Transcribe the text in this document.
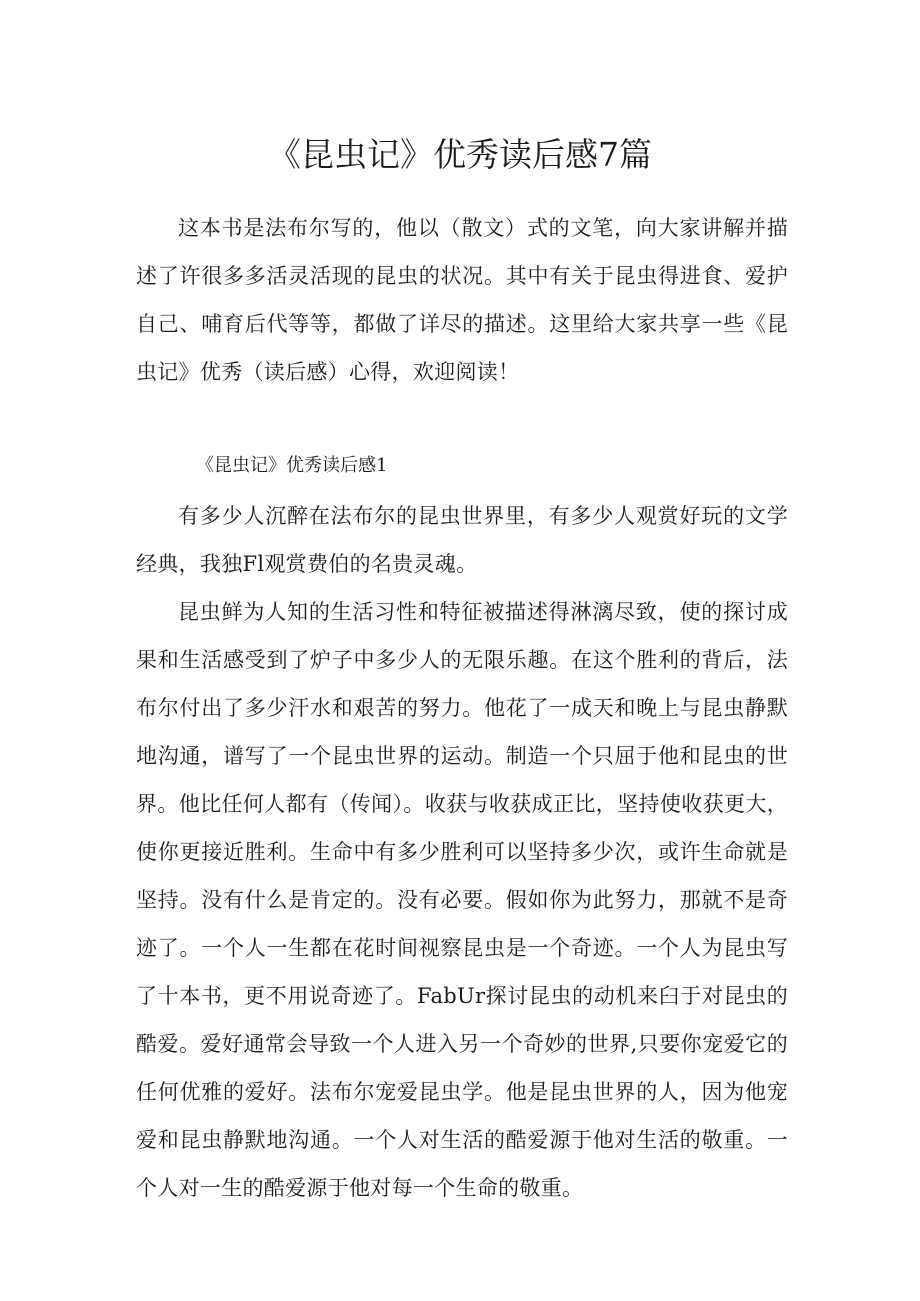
《昆虫记》优秀读后感7篇

这本书是法布尔写的，他以（散文）式的文笔，向大家讲解并描述了许很多多活灵活现的昆虫的状况。其中有关于昆虫得进食、爱护自己、哺育后代等等，都做了详尽的描述。这里给大家共享一些《昆虫记》优秀（读后感）心得，欢迎阅读！

《昆虫记》优秀读后感1

有多少人沉醉在法布尔的昆虫世界里，有多少人观赏好玩的文学经典，我独Fl观赏费伯的名贵灵魂。

昆虫鲜为人知的生活习性和特征被描述得淋漓尽致，使的探讨成果和生活感受到了炉子中多少人的无限乐趣。在这个胜利的背后，法布尔付出了多少汗水和艰苦的努力。他花了一成天和晚上与昆虫静默地沟通，谱写了一个昆虫世界的运动。制造一个只屈于他和昆虫的世界。他比任何人都有（传闻）。收获与收获成正比，坚持使收获更大，使你更接近胜利。生命中有多少胜利可以坚持多少次，或许生命就是坚持。没有什么是肯定的。没有必要。假如你为此努力，那就不是奇迹了。一个人一生都在花时间视察昆虫是一个奇迹。一个人为昆虫写了十本书，更不用说奇迹了。FabUr探讨昆虫的动机来臼于对昆虫的酷爱。爱好通常会导致一个人进入另一个奇妙的世界,只要你宠爱它的任何优雅的爱好。法布尔宠爱昆虫学。他是昆虫世界的人，因为他宠爱和昆虫静默地沟通。一个人对生活的酷爱源于他对生活的敬重。一个人对一生的酷爱源于他对每一个生命的敬重。
